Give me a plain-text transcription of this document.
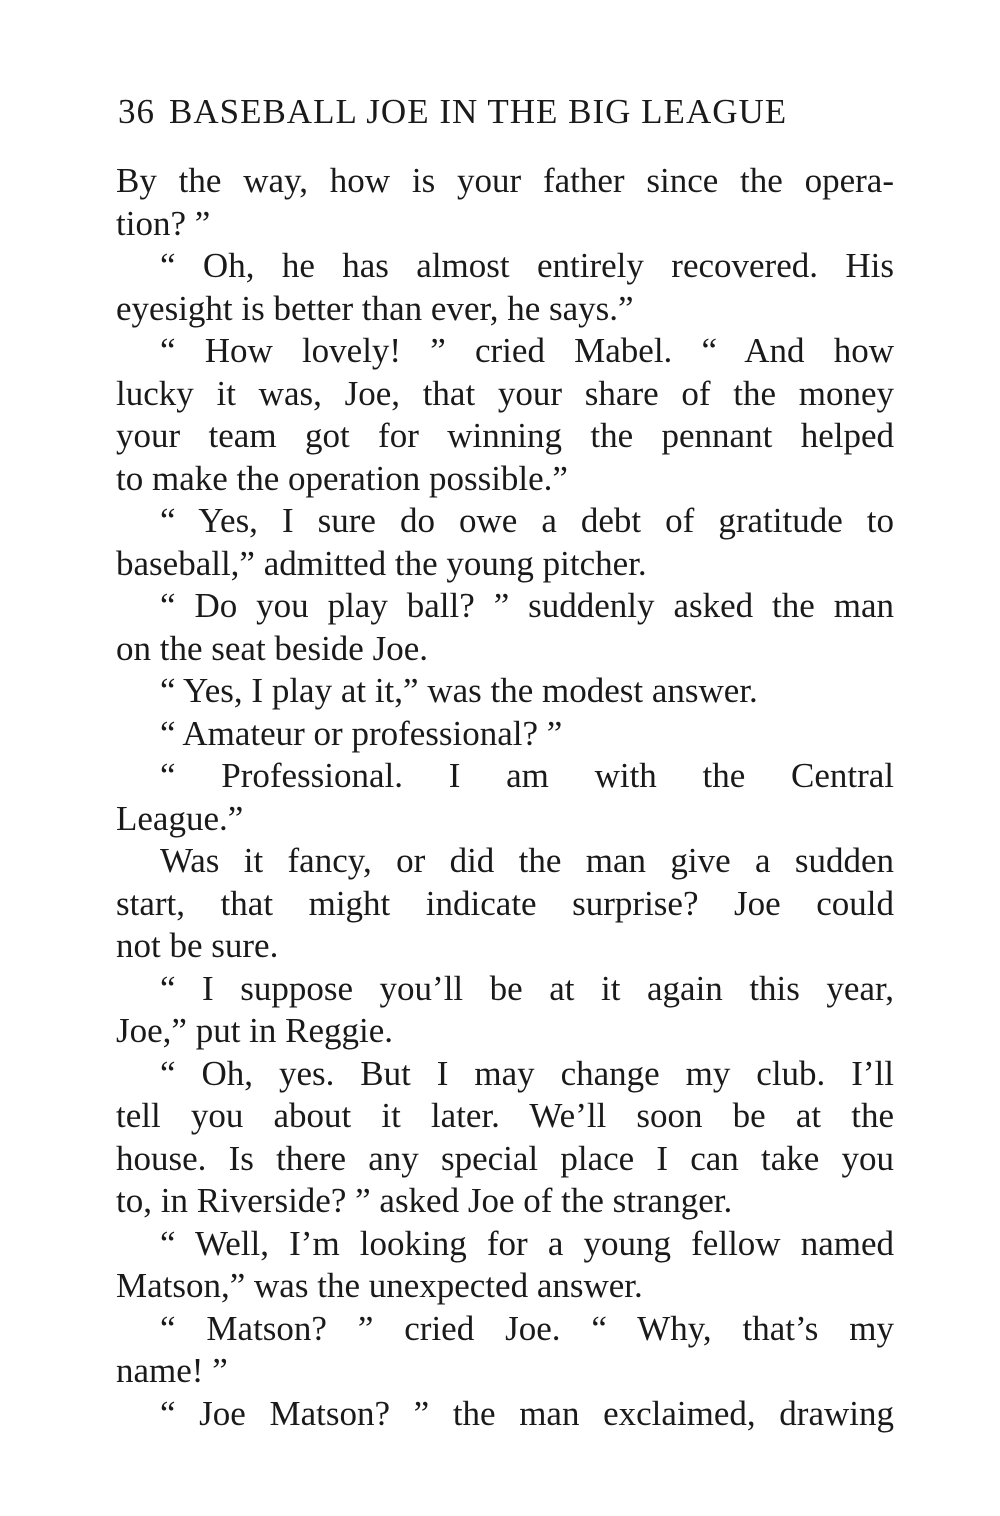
36 BASEBALL JOE IN THE BIG LEAGUE
By the way, how is your father since the opera-
tion? ”
“ Oh, he has almost entirely recovered. His
eyesight is better than ever, he says.”
“ How lovely! ” cried Mabel. “ And how
lucky it was, Joe, that your share of the money
your team got for winning the pennant helped
to make the operation possible.”
“ Yes, I sure do owe a debt of gratitude to
baseball,” admitted the young pitcher.
“ Do you play ball? ” suddenly asked the man
on the seat beside Joe.
“ Yes, I play at it,” was the modest answer.
“ Amateur or professional? ”
“ Professional. I am with the Central
League.”
Was it fancy, or did the man give a sudden
start, that might indicate surprise? Joe could
not be sure.
“ I suppose you’ll be at it again this year,
Joe,” put in Reggie.
“ Oh, yes. But I may change my club. I’ll
tell you about it later. We’ll soon be at the
house. Is there any special place I can take you
to, in Riverside? ” asked Joe of the stranger.
“ Well, I’m looking for a young fellow named
Matson,” was the unexpected answer.
“ Matson? ” cried Joe. “ Why, that’s my
name! ”
“ Joe Matson? ” the man exclaimed, drawing
